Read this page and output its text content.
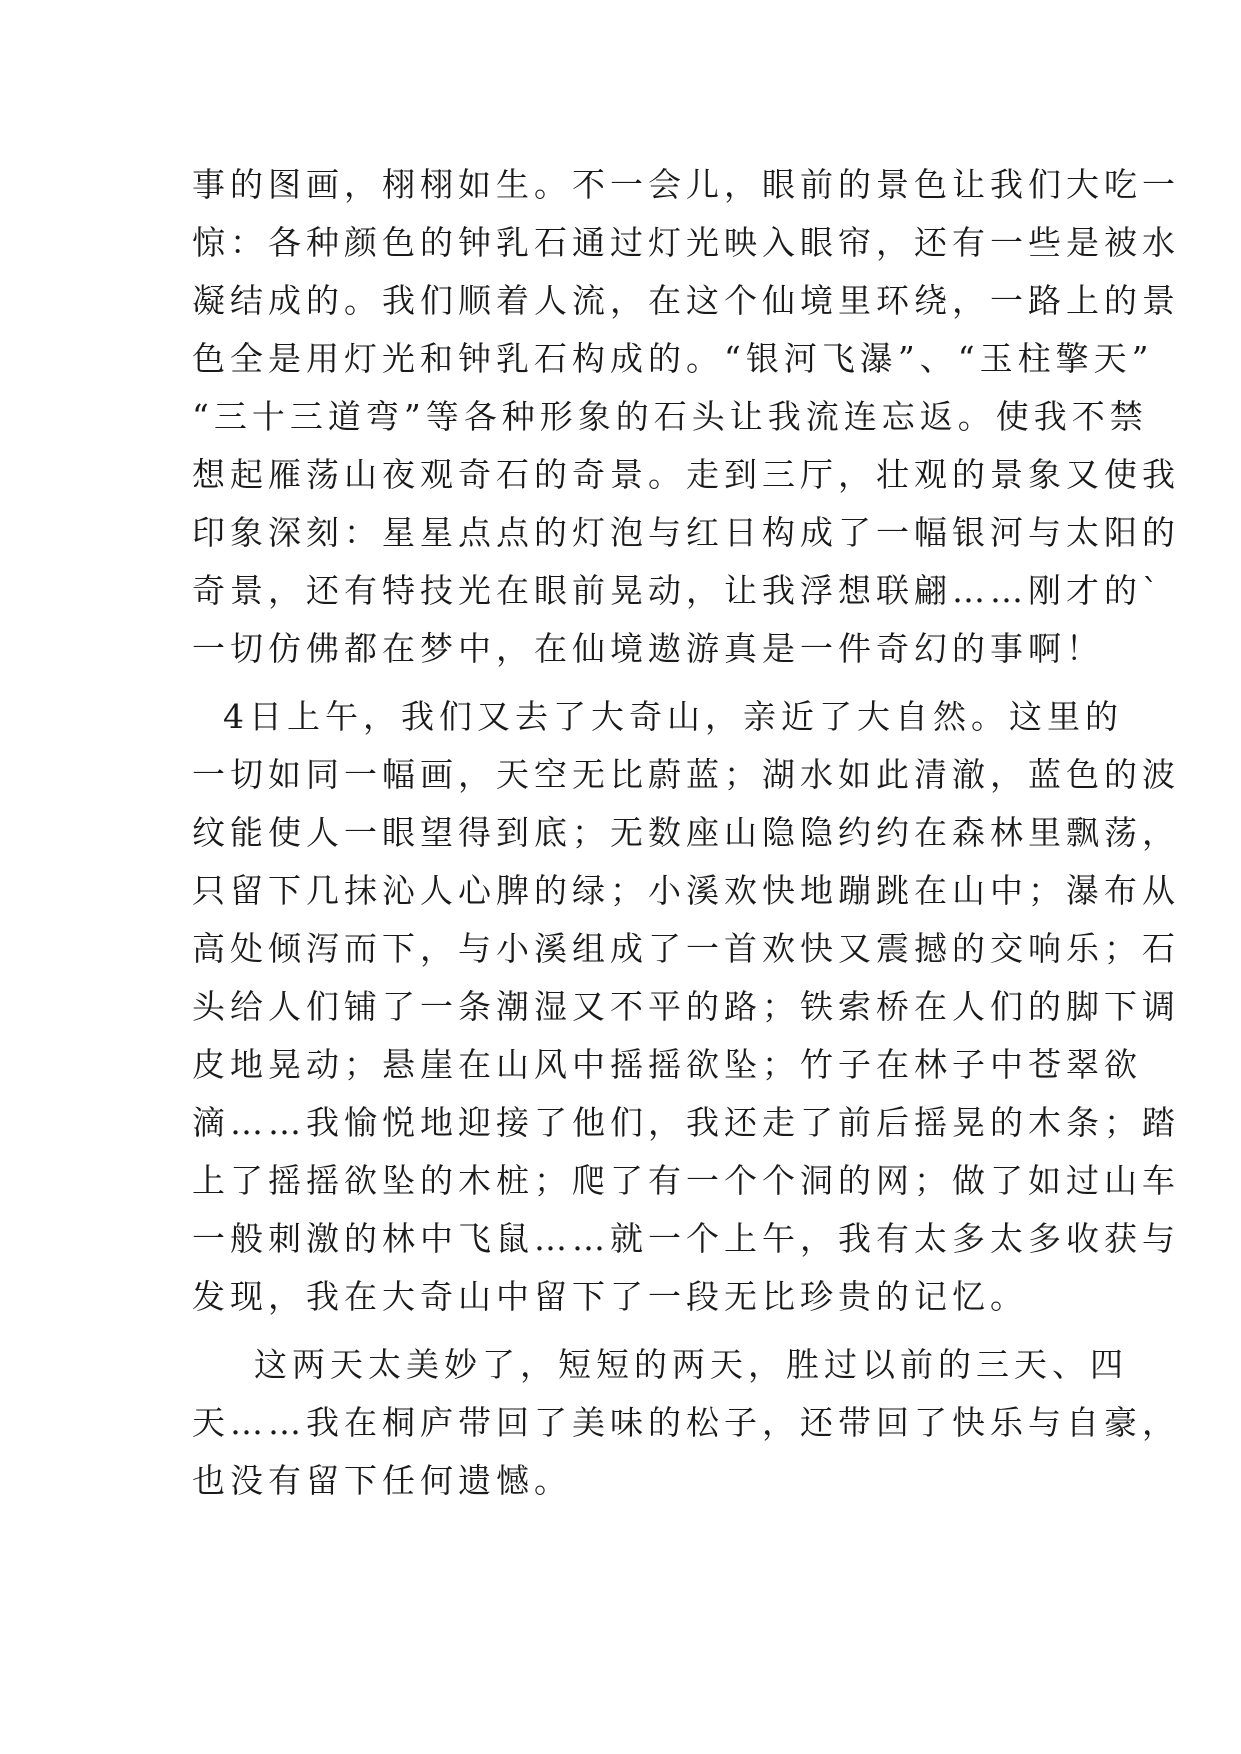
事的图画，栩栩如生。不一会儿，眼前的景色让我们大吃一
惊：各种颜色的钟乳石通过灯光映入眼帘，还有一些是被水
凝结成的。我们顺着人流，在这个仙境里环绕，一路上的景
色全是用灯光和钟乳石构成的。“银河飞瀑”、“玉柱擎天”
“三十三道弯”等各种形象的石头让我流连忘返。使我不禁
想起雁荡山夜观奇石的奇景。走到三厅，壮观的景象又使我
印象深刻：星星点点的灯泡与红日构成了一幅银河与太阳的
奇景，还有特技光在眼前晃动，让我浮想联翩……刚才的`
一切仿佛都在梦中，在仙境遨游真是一件奇幻的事啊！
4日上午，我们又去了大奇山，亲近了大自然。这里的
一切如同一幅画，天空无比蔚蓝；湖水如此清澈，蓝色的波
纹能使人一眼望得到底；无数座山隐隐约约在森林里飘荡，
只留下几抹沁人心脾的绿；小溪欢快地蹦跳在山中；瀑布从
高处倾泻而下，与小溪组成了一首欢快又震撼的交响乐；石
头给人们铺了一条潮湿又不平的路；铁索桥在人们的脚下调
皮地晃动；悬崖在山风中摇摇欲坠；竹子在林子中苍翠欲
滴……我愉悦地迎接了他们，我还走了前后摇晃的木条；踏
上了摇摇欲坠的木桩；爬了有一个个洞的网；做了如过山车
一般刺激的林中飞鼠……就一个上午，我有太多太多收获与
发现，我在大奇山中留下了一段无比珍贵的记忆。
这两天太美妙了，短短的两天，胜过以前的三天、四
天……我在桐庐带回了美味的松子，还带回了快乐与自豪，
也没有留下任何遗憾。
